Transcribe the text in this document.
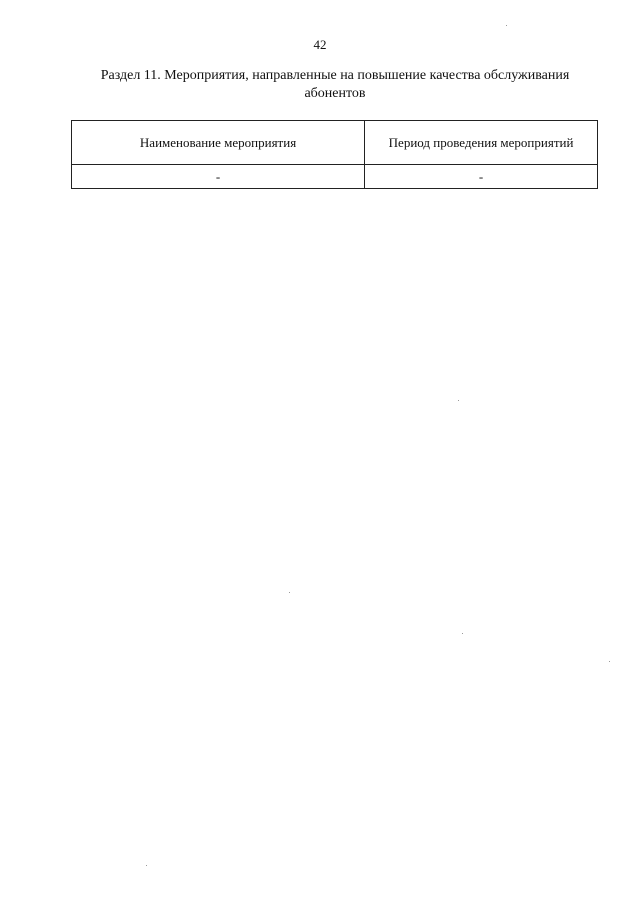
42
Раздел 11. Мероприятия, направленные на повышение качества обслуживания
абонентов
Наименование мероприятия	Период проведения мероприятий
-	-
